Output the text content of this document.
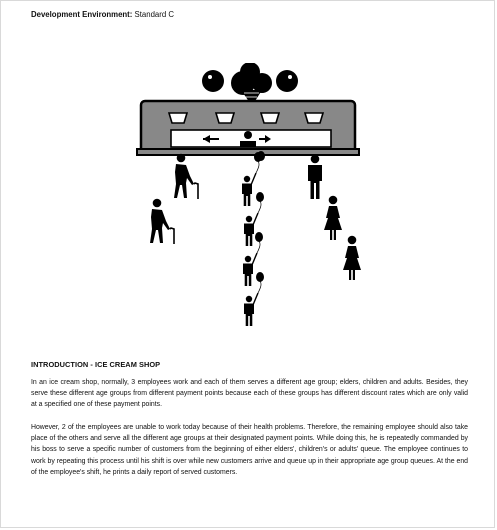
Development Environment: Standard C
INTRODUCTION - ICE CREAM SHOP

In an ice cream shop, normally, 3 employees work and each of them serves a different age group; elders, children and adults. Besides, they serve these different age groups from different payment points because each of these groups has different discount rates which are only valid at a specified one of these payment points.

However, 2 of the employees are unable to work today because of their health problems. Therefore, the remaining employee should also take place of the others and serve all the different age groups at their designated payment points. While doing this, he is repeatedly commanded by his boss to serve a specific number of customers from the beginning of either elders', children's or adults' queue. The employee continues to work by repeating this process until his shift is over while new customers arrive and queue up in their appropriate age group queues. At the end of the employee's shift, he prints a daily report of served customers.
